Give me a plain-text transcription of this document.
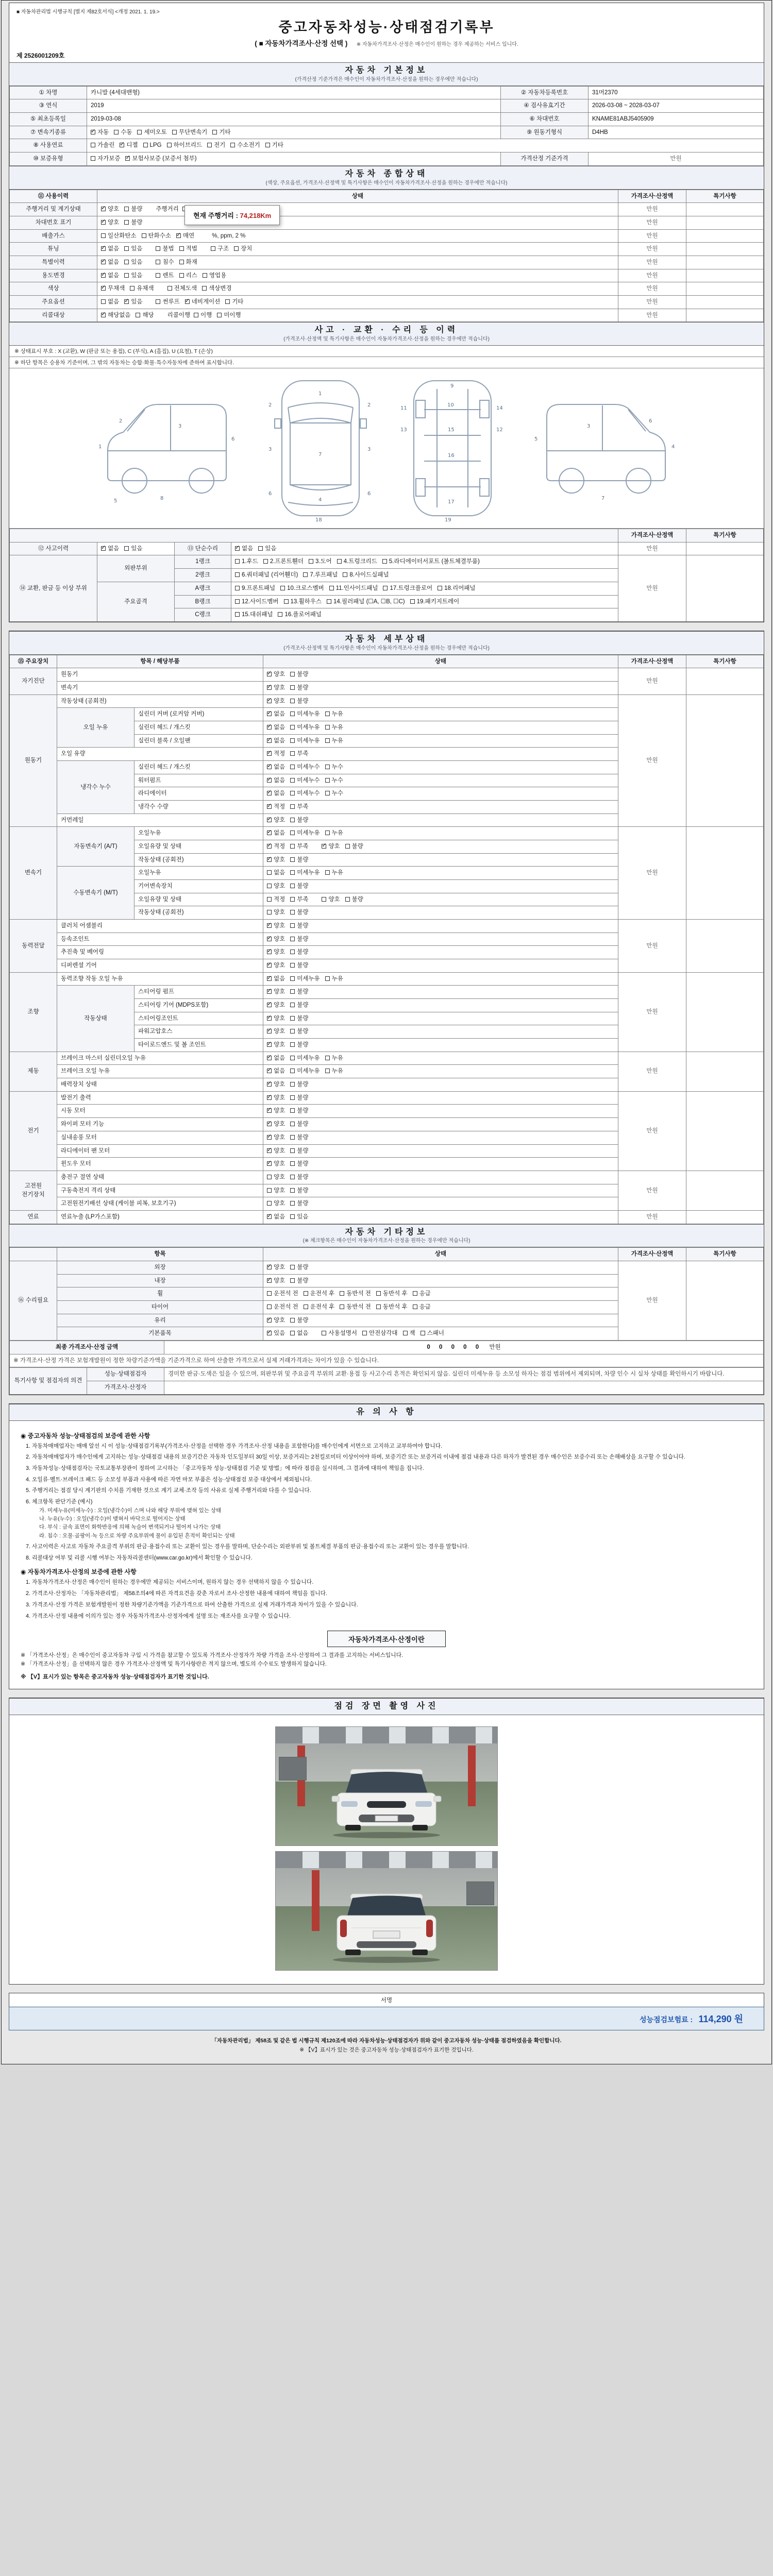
■ 자동차관리법 시행규칙 [별지 제82호서식] <개정 2021. 1. 19.>
중고자동차성능·상태점검기록부
( ■ 자동차가격조사·산정 선택 ) ※ 자동차가격조사·산정은 매수인이 원하는 경우 제공하는 서비스 입니다.
제 2526001209호
자동차 기본정보
(가격산정 기준가격은 매수인이 자동차가격조사·산정을 원하는 경우에만 적습니다)
① 차명	카니발 (4세대밴형)	② 자동차등록번호	31머2370
③ 연식	2019	④ 검사유효기간	2026-03-08 ~ 2028-03-07
⑤ 최초등록일	2019-03-08	⑥ 차대번호	KNAME81ABJ5405909
⑦ 변속기종류	✓자동 수동 세미오토 무단변속기 기타	⑨ 원동기형식	D4HB
⑧ 사용연료	가솔린 ✓ 디젤 LPG 하이브리드 전기 수소전기 기타
⑩ 보증유형	자가보증 ✓ 보험사보증 (보증서 첨부)	가격산정 기준가격	만원
자동차 종합상태
(색상, 주요옵션, 가격조사·산정액 및 특기사항은 매수인이 자동차가격조사·산정을 원하는 경우에만 적습니다)
⑪ 사용이력	상태	가격조사·산정액	특기사항
주행거리 및 계기상태	✓양호 불량 주행거리✓	만원	
차대번호 표기	✓양호 불량	만원	
배출가스	일산화탄소 탄화수소 ✓ 매연 %, ppm, 2 %	만원	
튜닝	✓없음 있음 불법 적법 구조 장치	만원	
특별이력	✓없음 있음 침수 화재	만원	
용도변경	✓없음 있음 렌트 리스 영업용	만원	
색상	✓무채색 유채색 전체도색 색상변경	만원	
주요옵션	없음 ✓ 있음 썬루프 ✓ 네비게이션 기타	만원	
리콜대상	✓해당없음 해당 리콜이행 이행 미이행	만원	
현재 주행거리 : 74,218Km
사고 · 교환 · 수리 등 이력
(가격조사·산정액 및 특기사항은 매수인이 자동차가격조사·산정을 원하는 경우에만 적습니다)
※ 상태표시 부호 : X (교환), W (판금 또는 용접), C (부식), A (흠집), U (요철), T (손상)
※ 하단 항목은 승용차 기준이며, 그 밖의 자동차는 승합·화물·특수자동차에 준하여 표시합니다.
1
2
3
6
8
5
1
7
4
3
3
6
6
2
2
18
9
10
11
12
13	15
16
14
17
19
4
6
3
5
7
				가격조사·산정액	특기사항
⑫ 사고이력	✓없음 있음	⑬ 단순수리	✓없음 있음	만원	
⑭ 교환, 판금 등 이상 부위	외판부위	1랭크	1.후드 2.프론트휀더 3.도어 4.트렁크리드 5.라디에이터서포트 (볼트체결부품)	만원	
		2랭크	6.쿼터패널 (리어휀더) 7.루프패널 8.사이드실패널		
	주요골격	A랭크	9.프론트패널 10.크로스멤버 11.인사이드패널 17.트렁크플로어 18.리어패널		
		B랭크	12.사이드멤버 13.휠하우스 14.필러패널 (☐A, ☐B, ☐C) 19.패키지트레이		
		C랭크	15.대쉬패널 16.플로어패널		
자동차 세부상태
(가격조사·산정액 및 특기사항은 매수인이 자동차가격조사·산정을 원하는 경우에만 적습니다)
⑮ 주요장치	항목 / 해당부품		상태	가격조사·산정액	특기사항
자기진단	원동기	✓양호 불량	만원	
	변속기	✓양호 불량
원동기	작동상태 (공회전)	✓양호 불량	만원	
	오일 누유	실린더 커버 (로커암 커버)	✓없음 미세누유 누유
		실린더 헤드 / 개스킷	✓없음 미세누유 누유
		실린더 블록 / 오일팬	✓없음 미세누유 누유
	오일 유량	✓적정 부족
	냉각수 누수	실린더 헤드 / 개스킷	✓없음 미세누수 누수
		워터펌프	✓없음 미세누수 누수
		라디에이터	✓없음 미세누수 누수
		냉각수 수량	✓적정 부족
	커먼레일	✓양호 불량
변속기	자동변속기 (A/T)	오일누유	✓없음 미세누유 누유	만원	
		오일유량 및 상태	✓적정 부족 ✓ 양호 불량
		작동상태 (공회전)	✓양호 불량
	수동변속기 (M/T)	오일누유	없음 미세누유 누유		
		기어변속장치	양호 불량		
		오일유량 및 상태	적정 부족 양호 불량		
		작동상태 (공회전)	양호 불량		
동력전달	클러치 어셈블리	✓양호 불량	만원	
	등속조인트	✓양호 불량
	추진축 및 베어링	✓양호 불량
	디퍼렌셜 기어	✓양호 불량
조향	동력조향 작동 오일 누유	✓없음 미세누유 누유	만원	
	작동상태	스티어링 펌프	✓양호 불량
		스티어링 기어 (MDPS포함)	✓양호 불량
		스티어링조인트	✓양호 불량
		파워고압호스	✓양호 불량
		타이로드엔드 및 볼 조인트	✓양호 불량
제동	브레이크 마스터 실린더오일 누유	✓없음 미세누유 누유	만원	
	브레이크 오일 누유	✓없음 미세누유 누유
	배력장치 상태	✓양호 불량
전기	발전기 출력	✓양호 불량	만원	
	시동 모터	✓양호 불량
	와이퍼 모터 기능	✓양호 불량
	실내송풍 모터	✓양호 불량
	라디에이터 팬 모터	✓양호 불량
	윈도우 모터	✓양호 불량
고전원 전기장치	충전구 절연 상태		양호 불량	만원	
	구동축전지 격리 상태		양호 불량		
	고전원전기배선 상태 (케이블 피복, 보호기구)		양호 불량		
연료	연료누출 (LP가스포함)	✓없음 있음	만원	
자동차 기타정보
(※ 체크항목은 매수인이 자동차가격조사·산정을 원하는 경우에만 적습니다)
	항목	상태	가격조사·산정액	특기사항
⑯ 수리필요	외장	✓양호 불량	만원	
	내장	✓양호 불량
	휠	운전석 전 운전석 후 동반석 전 동반석 후 응급		
	타이어	운전석 전 운전석 후 동반석 전 동반석 후 응급		
	유리	✓양호 불량
	기본품목	✓있음 없음 사용설명서 안전삼각대 잭 스패너
최종 가격조사·산정 금액	0 0 0 0 0 만원
※ 가격조사·산정 가격은 보험개발원이 정한 차량기준가액을 기준가격으로 하여 산출한 가격으로서 실제 거래가격과는 차이가 있을 수 있습니다.
특기사항 및 점검자의 의견	성능·상태점검자	경미한 판금·도색은 있을 수 있으며, 외판부위 및 주요골격 부위의 교환·용접 등 사고수리 흔적은 확인되지 않음. 실린더 미세누유 등 소모성 하자는 점검 범위에서 제외되며, 차량 인수 시 실차 상태를 확인하시기 바랍니다.
	가격조사·산정자	
유 의 사 항
◉ 중고자동차 성능·상태점검의 보증에 관한 사항
1. 자동차매매업자는 매매 알선 시 이 성능·상태점검기록부(가격조사·산정을 선택한 경우 가격조사·산정 내용을 포함한다)를 매수인에게 서면으로 고지하고 교부하여야 합니다.
2. 자동차매매업자가 매수인에게 고지하는 성능·상태점검 내용의 보증기간은 자동차 인도일부터 30일 이상, 보증거리는 2천킬로미터 이상이어야 하며, 보증기간 또는 보증거리 이내에 점검 내용과 다른 하자가 발견된 경우 매수인은 보증수리 또는 손해배상을 요구할 수 있습니다.
3. 자동차성능·상태점검자는 국토교통부장관이 정하여 고시하는 「중고자동차 성능·상태점검 기준 및 방법」에 따라 점검을 실시하며, 그 결과에 대하여 책임을 집니다.
4. 오일류·벨트·브레이크 패드 등 소모성 부품과 사용에 따른 자연 마모 부품은 성능·상태점검 보증 대상에서 제외됩니다.
5. 주행거리는 점검 당시 계기판의 수치를 기재한 것으로 계기 교체·조작 등의 사유로 실제 주행거리와 다를 수 있습니다.
6. 체크항목 판단기준 (예시)
가. 미세누유(미세누수) : 오일(냉각수)이 스며 나와 해당 부위에 맺혀 있는 상태
나. 누유(누수) : 오일(냉각수)이 맺혀서 바닥으로 떨어지는 상태
다. 부식 : 금속 표면이 화학반응에 의해 녹슬어 변색되거나 떨어져 나가는 상태
라. 침수 : 오물·곰팡이·녹 등으로 차량 주요부위에 물이 유입된 흔적이 확인되는 상태
7. 사고이력은 사고로 자동차 주요골격 부위의 판금·용접수리 또는 교환이 있는 경우를 말하며, 단순수리는 외판부위 및 볼트체결 부품의 판금·용접수리 또는 교환이 있는 경우를 말합니다.
8. 리콜대상 여부 및 리콜 시행 여부는 자동차리콜센터(www.car.go.kr)에서 확인할 수 있습니다.
◉ 자동차가격조사·산정의 보증에 관한 사항
1. 자동차가격조사·산정은 매수인이 원하는 경우에만 제공되는 서비스이며, 원하지 않는 경우 선택하지 않을 수 있습니다.
2. 가격조사·산정자는 「자동차관리법」 제58조의4에 따른 자격요건을 갖춘 자로서 조사·산정한 내용에 대하여 책임을 집니다.
3. 가격조사·산정 가격은 보험개발원이 정한 차량기준가액을 기준가격으로 하여 산출한 가격으로 실제 거래가격과 차이가 있을 수 있습니다.
4. 가격조사·산정 내용에 이의가 있는 경우 자동차가격조사·산정자에게 설명 또는 재조사를 요구할 수 있습니다.
자동차가격조사·산정이란
※ 「가격조사·산정」은 매수인이 중고자동차 구입 시 가격을 참고할 수 있도록 가격조사·산정자가 차량 가격을 조사·산정하여 그 결과를 고지하는 서비스입니다.
※ 「가격조사·산정」을 선택하지 않은 경우 가격조사·산정액 및 특기사항란은 적지 않으며, 별도의 수수료도 발생하지 않습니다.
※ 【V】표시가 있는 항목은 중고자동차 성능·상태점검자가 표기한 것입니다.
점검 장면 촬영 사진
서명
성능점검보험료 : 114,290 원
「자동차관리법」 제58조 및 같은 법 시행규칙 제120조에 따라 자동차성능·상태점검자가 위와 같이 중고자동차 성능·상태를 점검하였음을 확인합니다.
※ 【V】표시가 있는 것은 중고자동차 성능·상태점검자가 표기한 것입니다.
